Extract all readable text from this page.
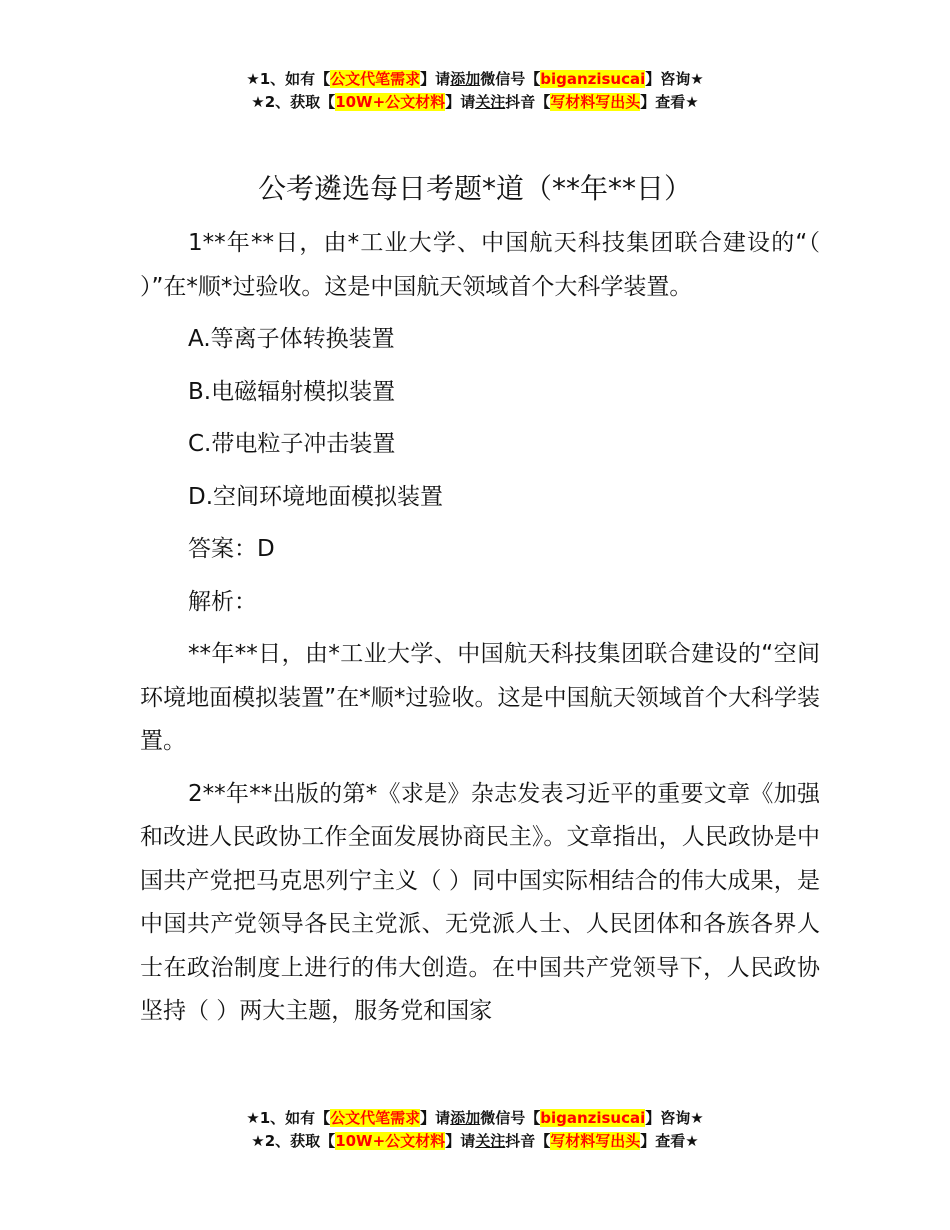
★1、如有【公文代笔需求】请添加微信号【biganzisucai】咨询★
★2、获取【10W+公文材料】请关注抖音【写材料写出头】查看★
公考遴选每日考题*道（**年**日）

1**年**日，由*工业大学、中国航天科技集团联合建设的“（ ）”在*顺*过验收。这是中国航天领域首个大科学装置。

A.等离子体转换装置

B.电磁辐射模拟装置

C.带电粒子冲击装置

D.空间环境地面模拟装置

答案：D

解析：

**年**日，由*工业大学、中国航天科技集团联合建设的“空间环境地面模拟装置”在*顺*过验收。这是中国航天领域首个大科学装置。

2**年**出版的第*《求是》杂志发表习近平的重要文章《加强和改进人民政协工作全面发展协商民主》。文章指出，人民政协是中国共产党把马克思列宁主义（ ）同中国实际相结合的伟大成果，是中国共产党领导各民主党派、无党派人士、人民团体和各族各界人士在政治制度上进行的伟大创造。在中国共产党领导下，人民政协坚持（ ）两大主题，服务党和国家

★1、如有【公文代笔需求】请添加微信号【biganzisucai】咨询★
★2、获取【10W+公文材料】请关注抖音【写材料写出头】查看★
